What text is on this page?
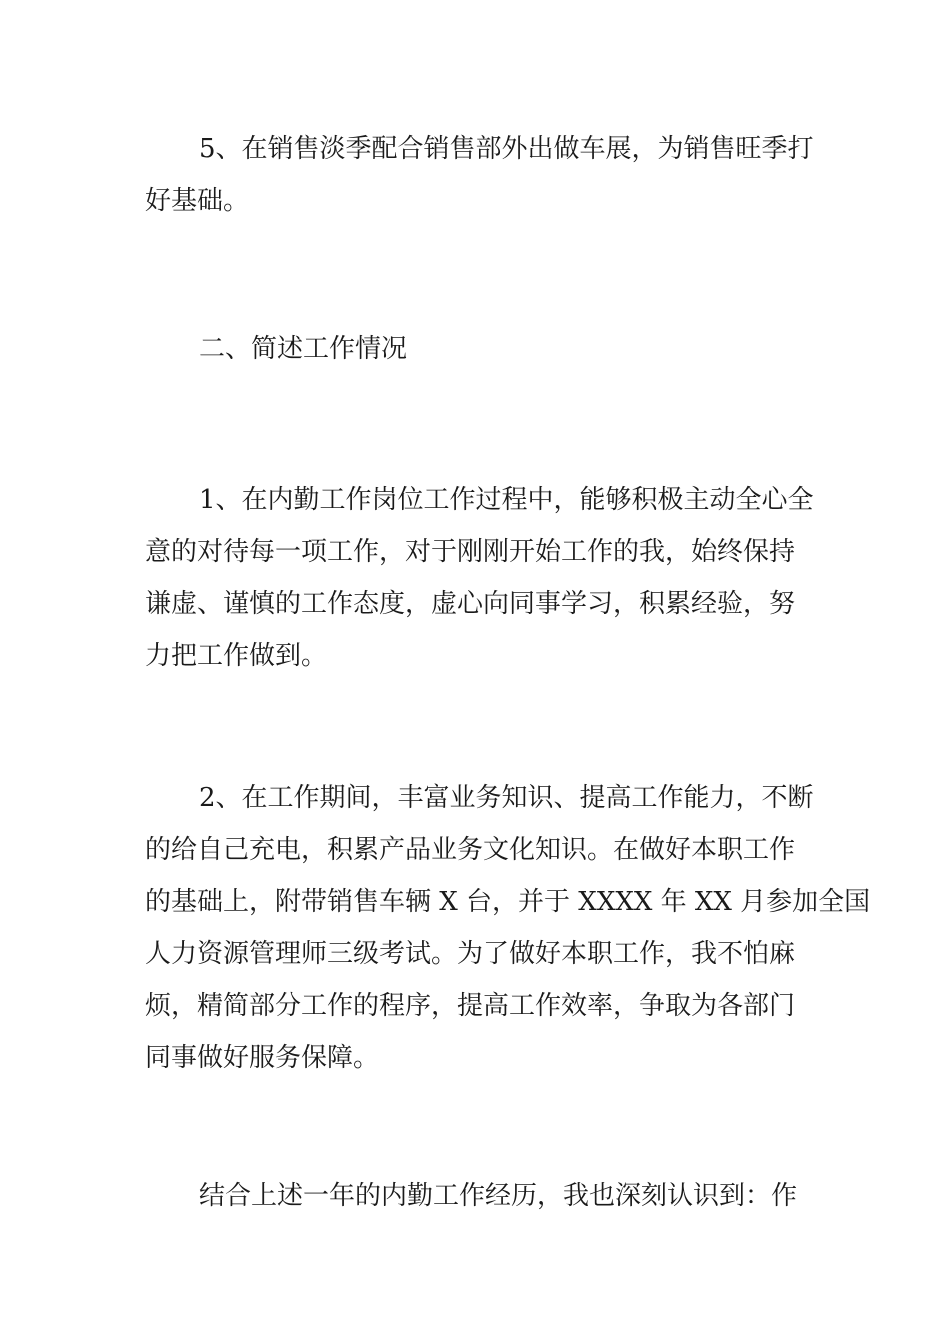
5、在销售淡季配合销售部外出做车展，为销售旺季打
好基础。
二、简述工作情况
1、在内勤工作岗位工作过程中，能够积极主动全心全
意的对待每一项工作，对于刚刚开始工作的我，始终保持
谦虚、谨慎的工作态度，虚心向同事学习，积累经验，努
力把工作做到。
2、在工作期间，丰富业务知识、提高工作能力，不断
的给自己充电，积累产品业务文化知识。在做好本职工作
的基础上，附带销售车辆 X 台，并于 XXXX 年 XX 月参加全国
人力资源管理师三级考试。为了做好本职工作，我不怕麻
烦，精简部分工作的程序，提高工作效率，争取为各部门
同事做好服务保障。
结合上述一年的内勤工作经历，我也深刻认识到：作
